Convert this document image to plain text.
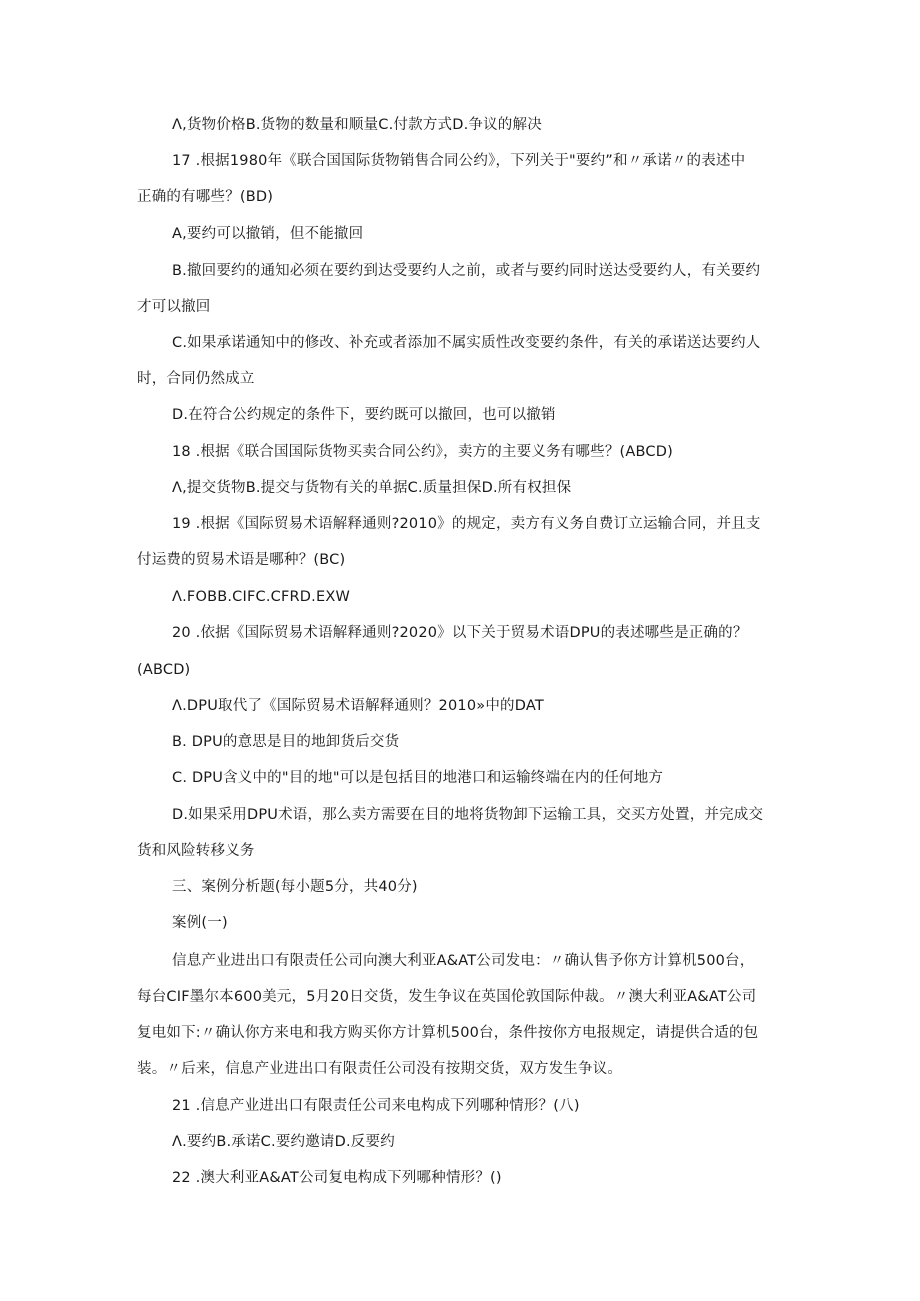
Λ,货物价格B.货物的数量和顺量C.付款方式D.争议的解决
17 .根据1980年《联合国国际货物销售合同公约》，下列关于"要约”和〃承诺〃的表述中
正确的有哪些？(BD)
A,要约可以撤销，但不能撤回
B.撤回要约的通知必须在要约到达受要约人之前，或者与要约同时送达受要约人，有关要约
才可以撤回
C.如果承诺通知中的修改、补充或者添加不属实质性改变要约条件，有关的承诺送达要约人
时，合同仍然成立
D.在符合公约规定的条件下，要约既可以撤回，也可以撤销
18 .根据《联合国国际货物买卖合同公约》，卖方的主要义务有哪些？(ABCD)
Λ,提交货物B.提交与货物有关的单据C.质量担保D.所有权担保
19 .根据《国际贸易术语解释通则?2010》的规定，卖方有义务自费订立运输合同，并且支
付运费的贸易术语是哪种？(BC)
Λ.FOBB.CIFC.CFRD.EXW
20 .依据《国际贸易术语解释通则?2020》以下关于贸易术语DPU的表述哪些是正确的？
(ABCD)
Λ.DPU取代了《国际贸易术语解释通则？2010»中的DAT
B. DPU的意思是目的地卸货后交货
C. DPU含义中的"目的地"可以是包括目的地港口和运输终端在内的任何地方
D.如果采用DPU术语，那么卖方需要在目的地将货物卸下运输工具，交买方处置，并完成交
货和风险转移义务
三、案例分析题(每小题5分，共40分)
案例(一)
信息产业进出口有限责任公司向澳大利亚A&AT公司发电：〃确认售予你方计算机500台，
每台CIF墨尔本600美元，5月20日交货，发生争议在英国伦敦国际仲裁。〃澳大利亚A&AT公司
复电如下:〃确认你方来电和我方购买你方计算机500台，条件按你方电报规定，请提供合适的包
装。〃后来，信息产业进出口有限责任公司没有按期交货，双方发生争议。
21 .信息产业进出口有限责任公司来电构成下列哪种情形？(八)
Λ.要约B.承诺C.要约邀请D.反要约
22 .澳大利亚A&AT公司复电构成下列哪种情形？()
